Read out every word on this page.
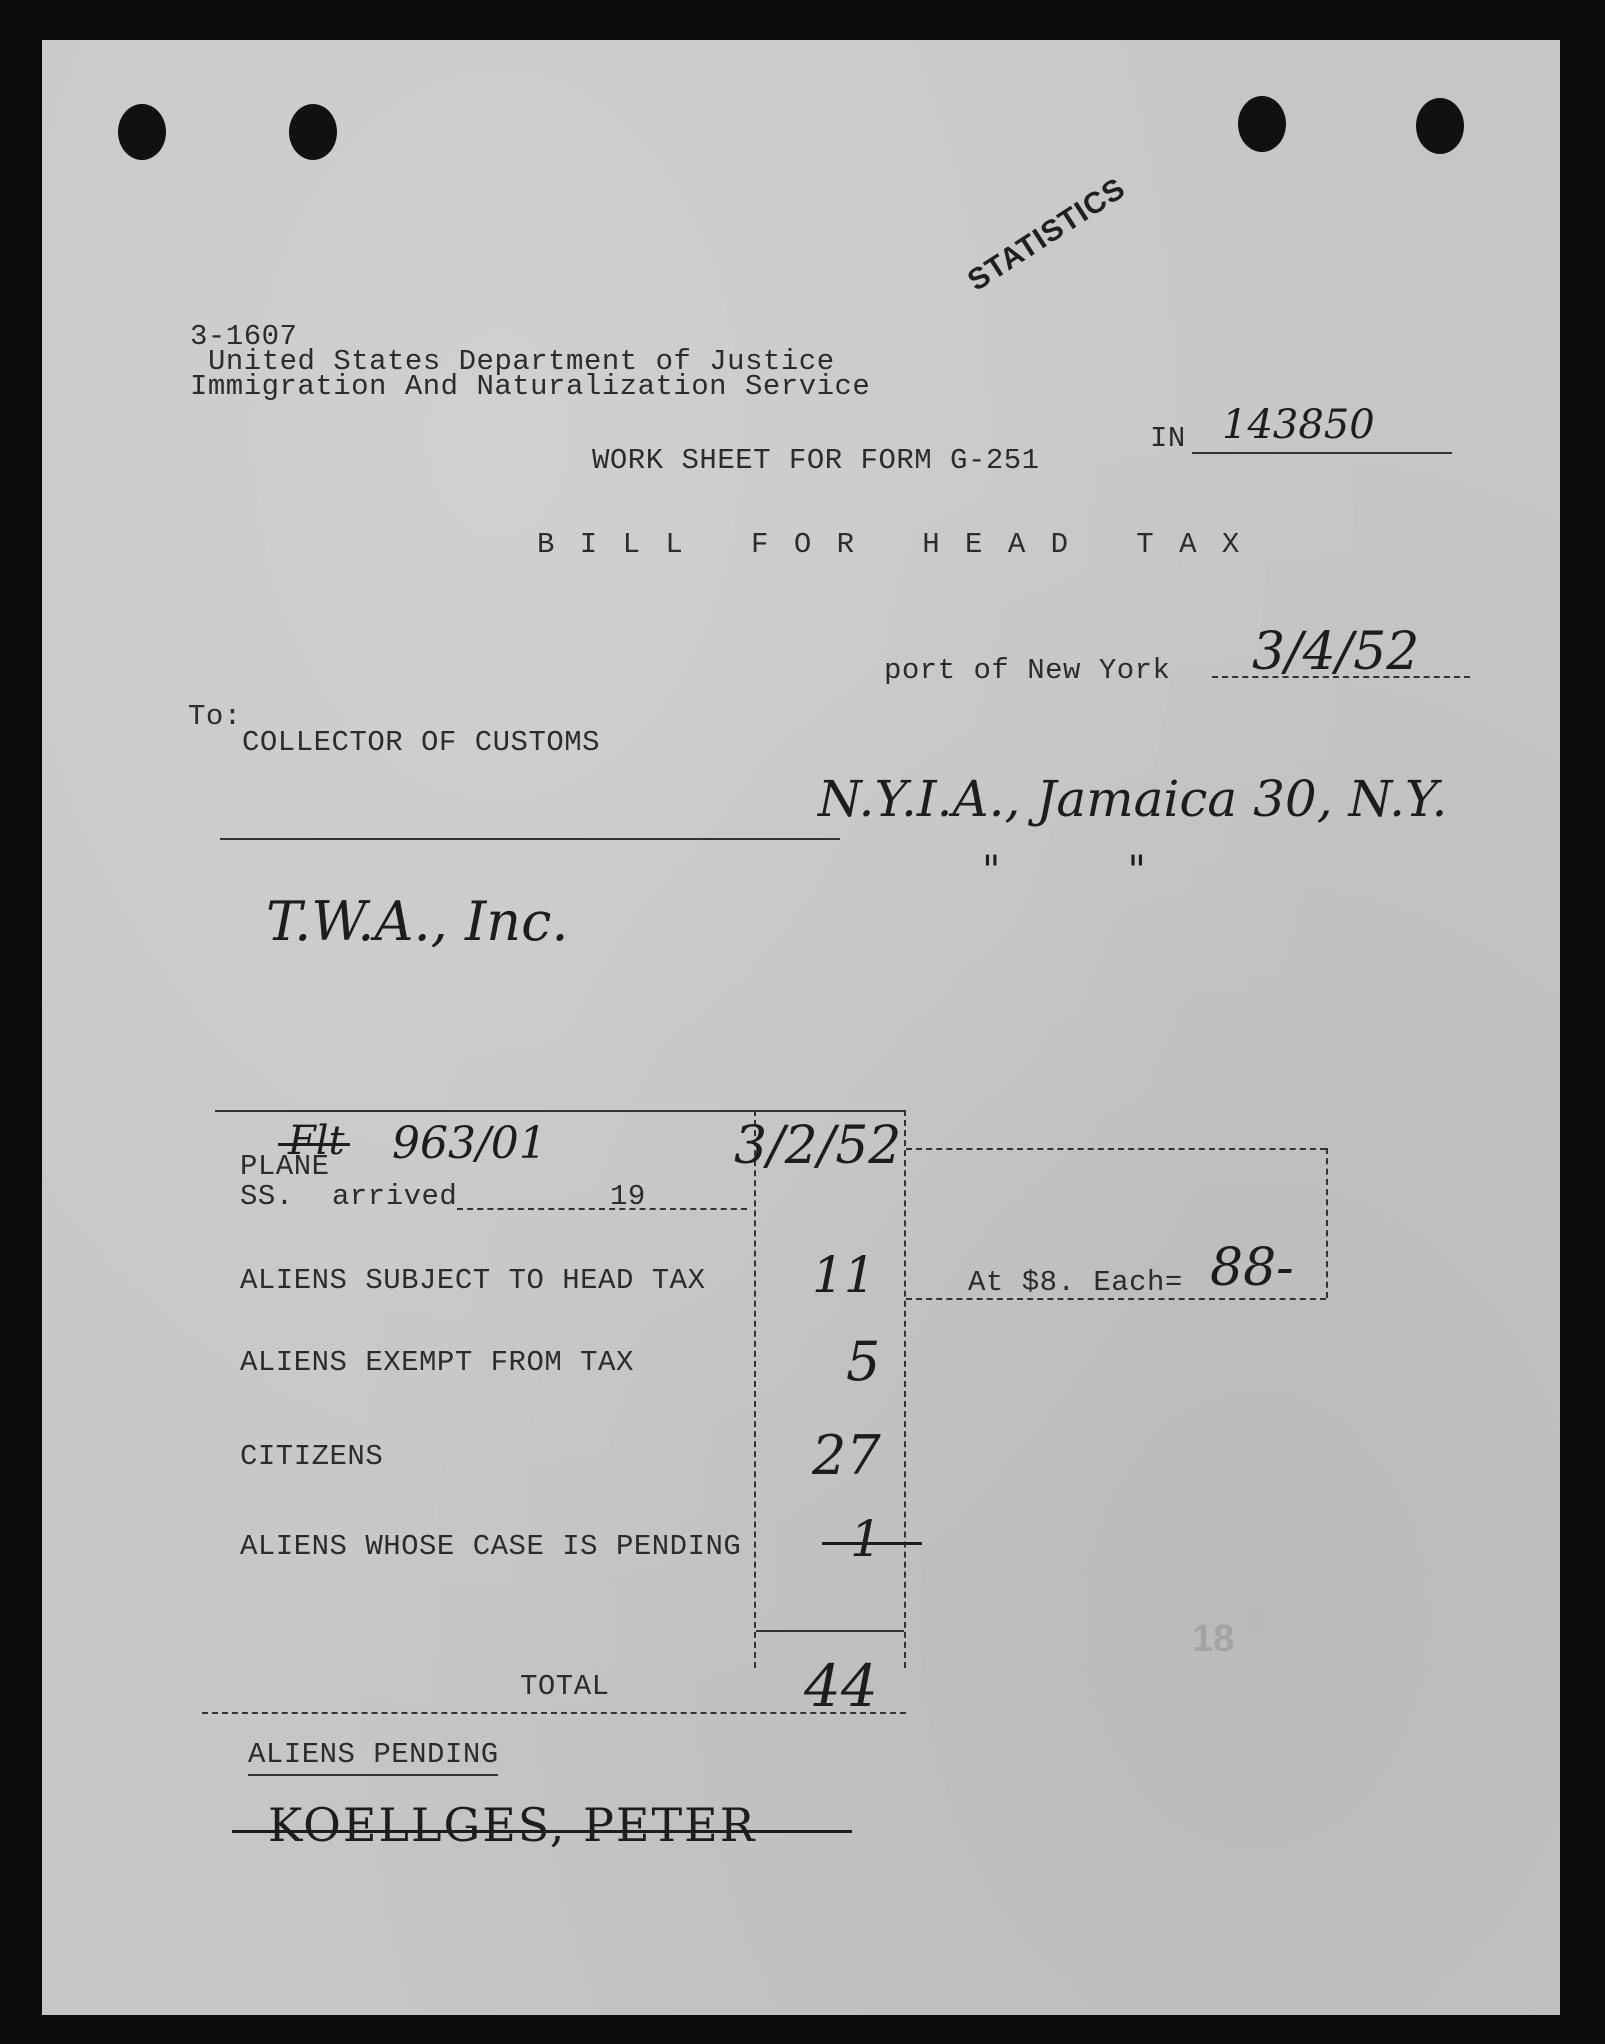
STATISTICS
3-1607
United States Department of Justice
Immigration And Naturalization Service
IN 143850
WORK SHEET FOR FORM G-251
B I L L   F O R   H E A D   T A X
port of New York 3/4/52
To:
COLLECTOR OF CUSTOMS
N.Y.I.A., Jamaica 30, N.Y.
"          "
T.W.A., Inc.
PLANE
Flt 963/01	3/2/52
SS. arrived	19
ALIENS SUBJECT TO HEAD TAX 11
ALIENS EXEMPT FROM TAX	5
CITIZENS	27
ALIENS WHOSE CASE IS PENDING 1
TOTAL	44
At $8. Each= 88-
ALIENS PENDING
KOELLGES, PETER
18
